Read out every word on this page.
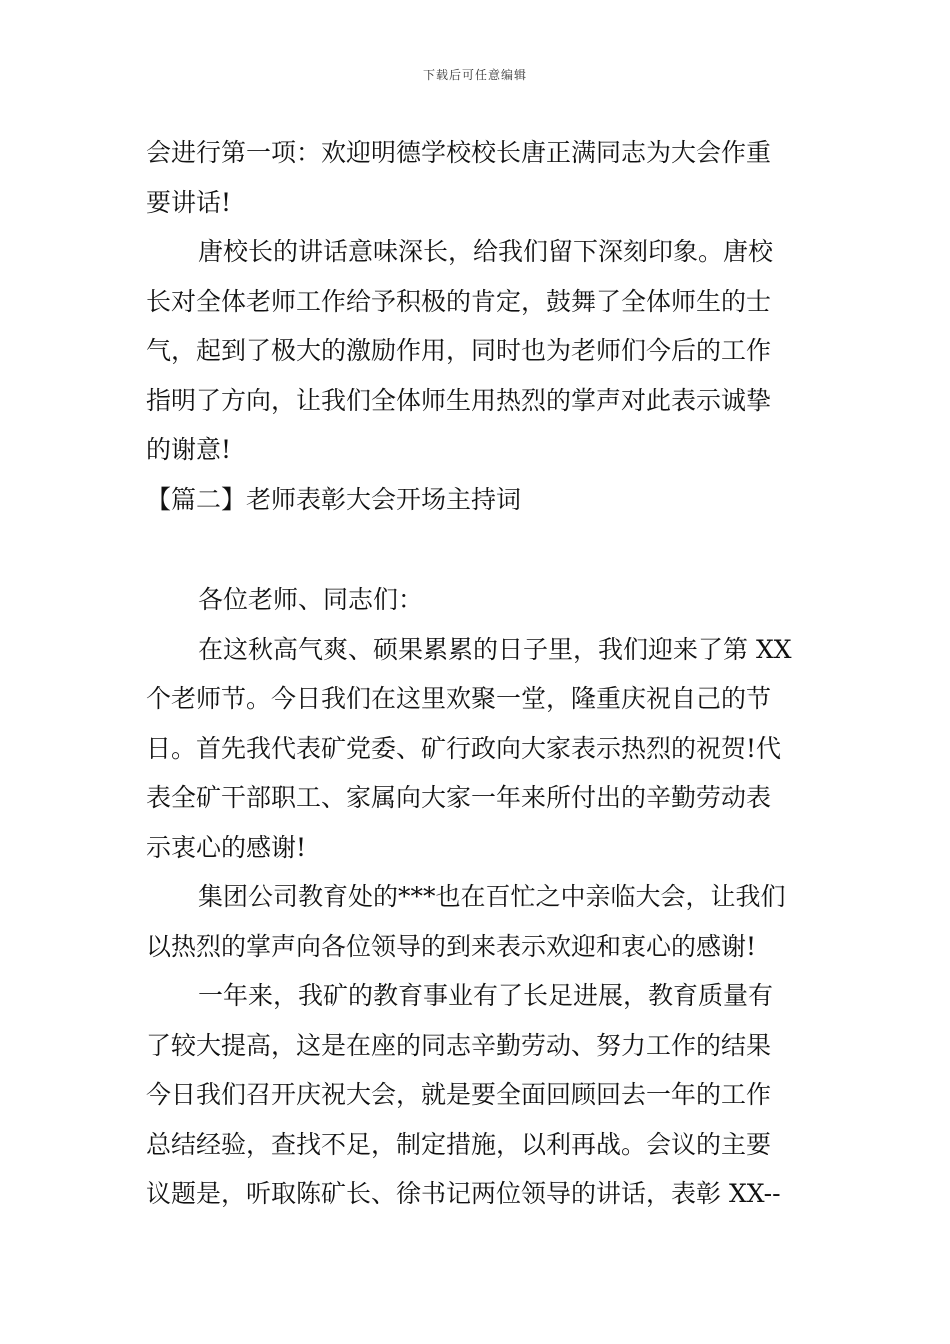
下载后可任意编辑
会进行第一项：欢迎明德学校校长唐正满同志为大会作重
要讲话!
唐校长的讲话意味深长，给我们留下深刻印象。唐校
长对全体老师工作给予积极的肯定，鼓舞了全体师生的士
气，起到了极大的激励作用，同时也为老师们今后的工作
指明了方向，让我们全体师生用热烈的掌声对此表示诚挚
的谢意!
【篇二】老师表彰大会开场主持词
各位老师、同志们：
在这秋高气爽、硕果累累的日子里，我们迎来了第 XX
个老师节。今日我们在这里欢聚一堂，隆重庆祝自己的节
日。首先我代表矿党委、矿行政向大家表示热烈的祝贺!代
表全矿干部职工、家属向大家一年来所付出的辛勤劳动表
示衷心的感谢!
集团公司教育处的***也在百忙之中亲临大会，让我们
以热烈的掌声向各位领导的到来表示欢迎和衷心的感谢!
一年来，我矿的教育事业有了长足进展，教育质量有
了较大提高，这是在座的同志辛勤劳动、努力工作的结果
今日我们召开庆祝大会，就是要全面回顾回去一年的工作
总结经验，查找不足，制定措施，以利再战。会议的主要
议题是，听取陈矿长、徐书记两位领导的讲话，表彰 XX--
